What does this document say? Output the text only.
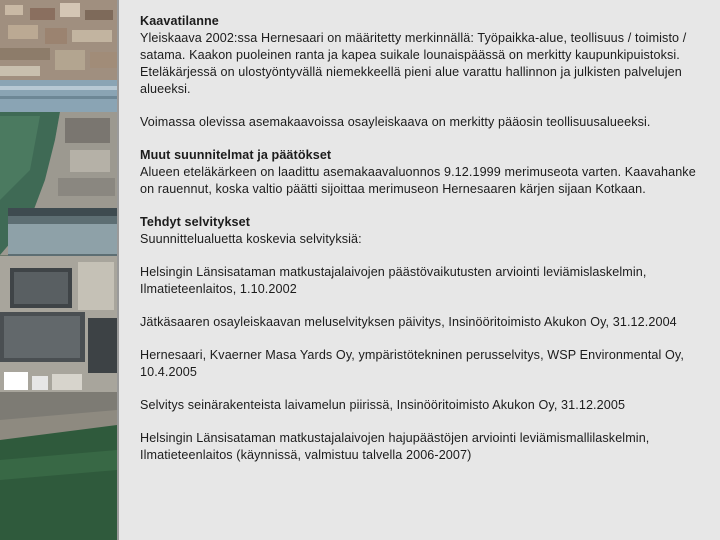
Kaavatilanne
Yleiskaava 2002:ssa Hernesaari on määritetty merkinnällä: Työpaikka-alue, teollisuus / toimisto / satama. Kaakon puoleinen ranta ja kapea suikale lounaispäässä on merkitty kaupunkipuistoksi. Eteläkärjessä on ulostyöntyvällä niemekkeellä pieni alue varattu hallinnon ja julkisten palvelujen alueeksi.

Voimassa olevissa asemakaavoissa osayleiskaava on merkitty pääosin teollisuusalueeksi.

Muut suunnitelmat ja päätökset
Alueen eteläkärkeen on laadittu asemakaavaluonnos 9.12.1999 merimuseota varten. Kaavahanke on rauennut, koska valtio päätti sijoittaa merimuseon Hernesaaren kärjen sijaan Kotkaan.

Tehdyt selvitykset
Suunnittelualuetta koskevia selvityksiä:

Helsingin Länsisataman matkustajalaivojen päästövaikutusten arviointi leviämislaskelmin, Ilmatieteenlaitos, 1.10.2002

Jätkäsaaren osayleiskaavan meluselvityksen päivitys, Insinööritoimisto Akukon Oy, 31.12.2004

Hernesaari, Kvaerner Masa Yards Oy, ympäristötekninen perusselvitys, WSP Environmental Oy, 10.4.2005

Selvitys seinärakenteista laivamelun piirissä, Insinööritoimisto Akukon Oy, 31.12.2005

Helsingin Länsisataman matkustajalaivojen hajupäästöjen arviointi leviämismallilaskelmin, Ilmatieteenlaitos (käynnissä, valmistuu talvella 2006-2007)
